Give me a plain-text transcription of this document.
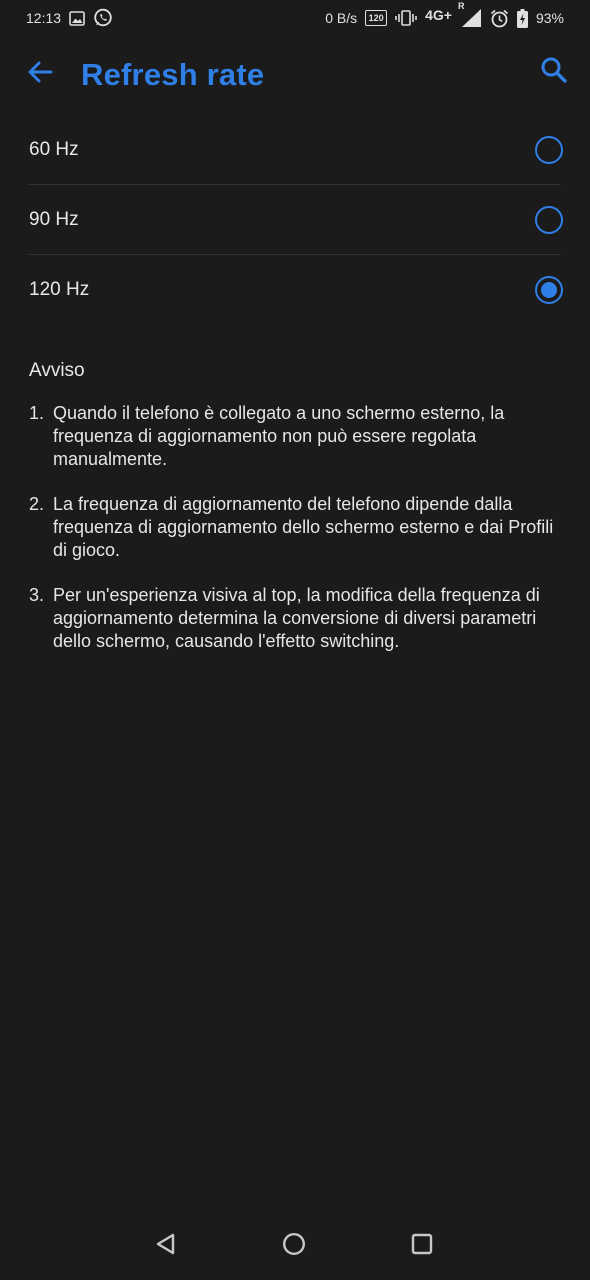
12:13	0 B/s 120	4G+
R
93%
Refresh rate
60 Hz
90 Hz
120 Hz
Avviso
1. Quando il telefono è collegato a uno schermo esterno, la frequenza di aggiornamento non può essere regolata manualmente.
2. La frequenza di aggiornamento del telefono dipende dalla frequenza di aggiornamento dello schermo esterno e dai Profili di gioco.
3. Per un'esperienza visiva al top, la modifica della frequenza di aggiornamento determina la conversione di diversi parametri dello schermo, causando l'effetto switching.
